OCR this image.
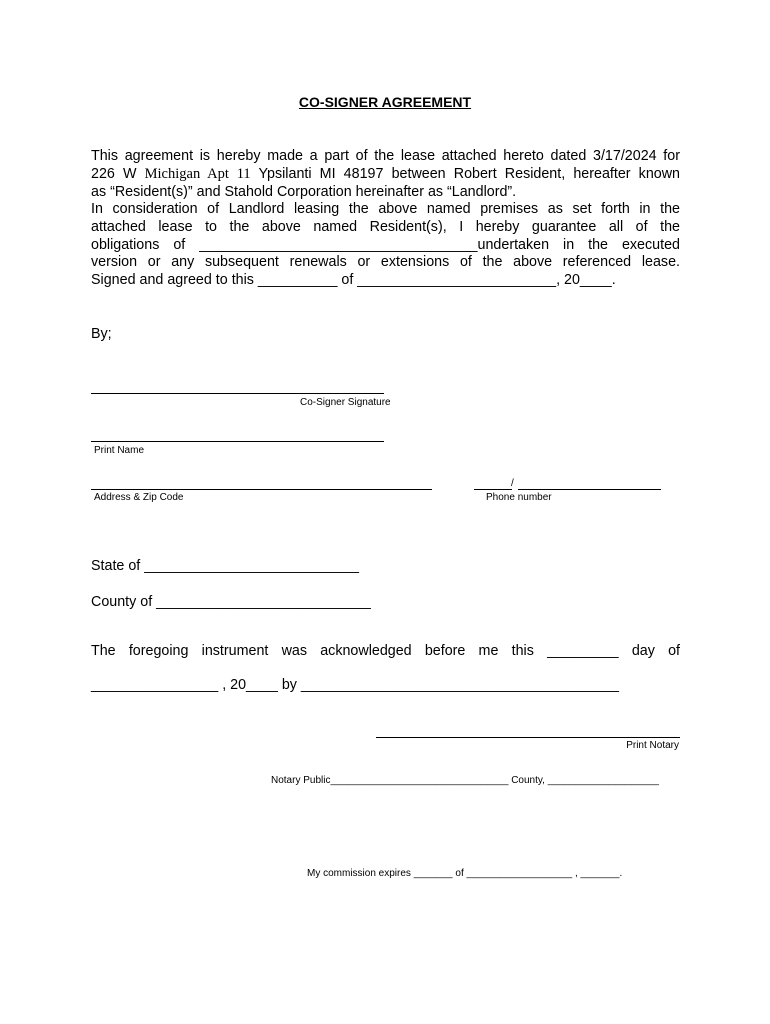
CO-SIGNER AGREEMENT
This agreement is hereby made a part of the lease attached hereto dated 3/17/2024 for
226 W Michigan Apt 11 Ypsilanti MI 48197 between Robert Resident, hereafter known
as “Resident(s)” and Stahold Corporation hereinafter as “Landlord”.
In consideration of Landlord leasing the above named premises as set forth in the
attached lease to the above named Resident(s), I hereby guarantee all of the
obligations of ___________________________________undertaken in the executed
version or any subsequent renewals or extensions of the above referenced lease.
Signed and agreed to this __________ of _________________________, 20____.
By;
Co-Signer Signature
Print Name
Address & Zip Code
/
Phone number
State of ___________________________
County of ___________________________
The foregoing instrument was acknowledged before me this _________ day of
________________ , 20____ by ________________________________________
Print Notary
Notary Public________________________________ County, ____________________
My commission expires _______ of ___________________ , _______.
